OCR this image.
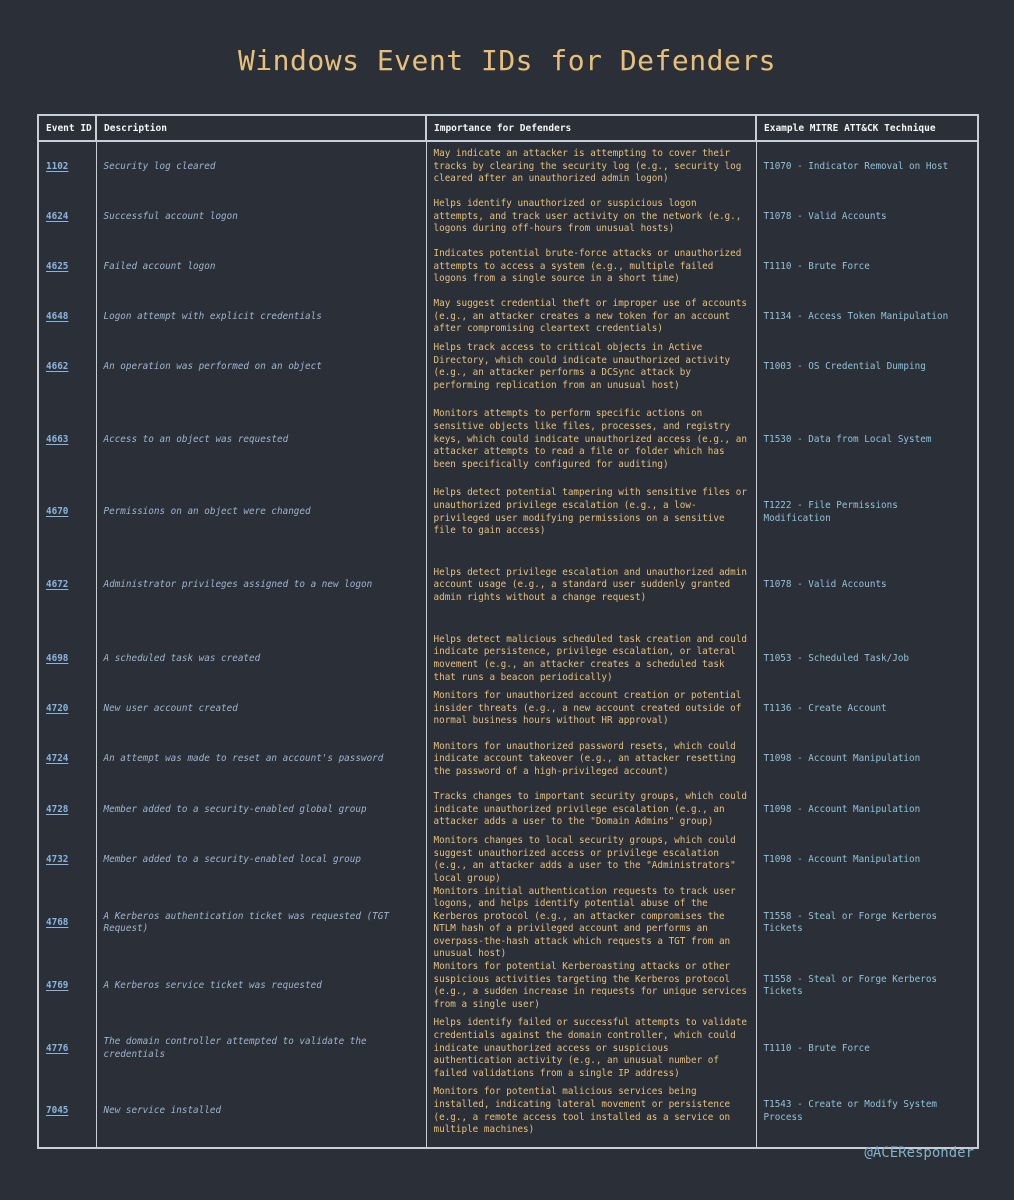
Windows Event IDs for Defenders
Event ID	Description	Importance for Defenders	Example MITRE ATT&CK Technique
1102	Security log cleared	May indicate an attacker is attempting to cover their tracks by clearing the security log (e.g., security log cleared after an unauthorized admin logon)	T1070 - Indicator Removal on Host
4624	Successful account logon	Helps identify unauthorized or suspicious logon attempts, and track user activity on the network (e.g., logons during off-hours from unusual hosts)	T1078 - Valid Accounts
4625	Failed account logon	Indicates potential brute-force attacks or unauthorized attempts to access a system (e.g., multiple failed logons from a single source in a short time)	T1110 - Brute Force
4648	Logon attempt with explicit credentials	May suggest credential theft or improper use of accounts (e.g., an attacker creates a new token for an account after compromising cleartext credentials)	T1134 - Access Token Manipulation
4662	An operation was performed on an object	Helps track access to critical objects in Active Directory, which could indicate unauthorized activity (e.g., an attacker performs a DCSync attack by performing replication from an unusual host)	T1003 - OS Credential Dumping
4663	Access to an object was requested	Monitors attempts to perform specific actions on sensitive objects like files, processes, and registry keys, which could indicate unauthorized access (e.g., an attacker attempts to read a file or folder which has been specifically configured for auditing)	T1530 - Data from Local System
4670	Permissions on an object were changed	Helps detect potential tampering with sensitive files or unauthorized privilege escalation (e.g., a low-privileged user modifying permissions on a sensitive file to gain access)	T1222 - File Permissions Modification
4672	Administrator privileges assigned to a new logon	Helps detect privilege escalation and unauthorized admin account usage (e.g., a standard user suddenly granted admin rights without a change request)	T1078 - Valid Accounts
4698	A scheduled task was created	Helps detect malicious scheduled task creation and could indicate persistence, privilege escalation, or lateral movement (e.g., an attacker creates a scheduled task that runs a beacon periodically)	T1053 - Scheduled Task/Job
4720	New user account created	Monitors for unauthorized account creation or potential insider threats (e.g., a new account created outside of normal business hours without HR approval)	T1136 - Create Account
4724	An attempt was made to reset an account's password	Monitors for unauthorized password resets, which could indicate account takeover (e.g., an attacker resetting the password of a high-privileged account)	T1098 - Account Manipulation
4728	Member added to a security-enabled global group	Tracks changes to important security groups, which could indicate unauthorized privilege escalation (e.g., an attacker adds a user to the "Domain Admins" group)	T1098 - Account Manipulation
4732	Member added to a security-enabled local group	Monitors changes to local security groups, which could suggest unauthorized access or privilege escalation (e.g., an attacker adds a user to the "Administrators" local group)	T1098 - Account Manipulation
4768	A Kerberos authentication ticket was requested (TGT Request)	Monitors initial authentication requests to track user logons, and helps identify potential abuse of the Kerberos protocol (e.g., an attacker compromises the NTLM hash of a privileged account and performs an overpass-the-hash attack which requests a TGT from an unusual host)	T1558 - Steal or Forge Kerberos Tickets
4769	A Kerberos service ticket was requested	Monitors for potential Kerberoasting attacks or other suspicious activities targeting the Kerberos protocol (e.g., a sudden increase in requests for unique services from a single user)	T1558 - Steal or Forge Kerberos Tickets
4776	The domain controller attempted to validate the credentials	Helps identify failed or successful attempts to validate credentials against the domain controller, which could indicate unauthorized access or suspicious authentication activity (e.g., an unusual number of failed validations from a single IP address)	T1110 - Brute Force
7045	New service installed	Monitors for potential malicious services being installed, indicating lateral movement or persistence (e.g., a remote access tool installed as a service on multiple machines)	T1543 - Create or Modify System Process
@ACEResponder
